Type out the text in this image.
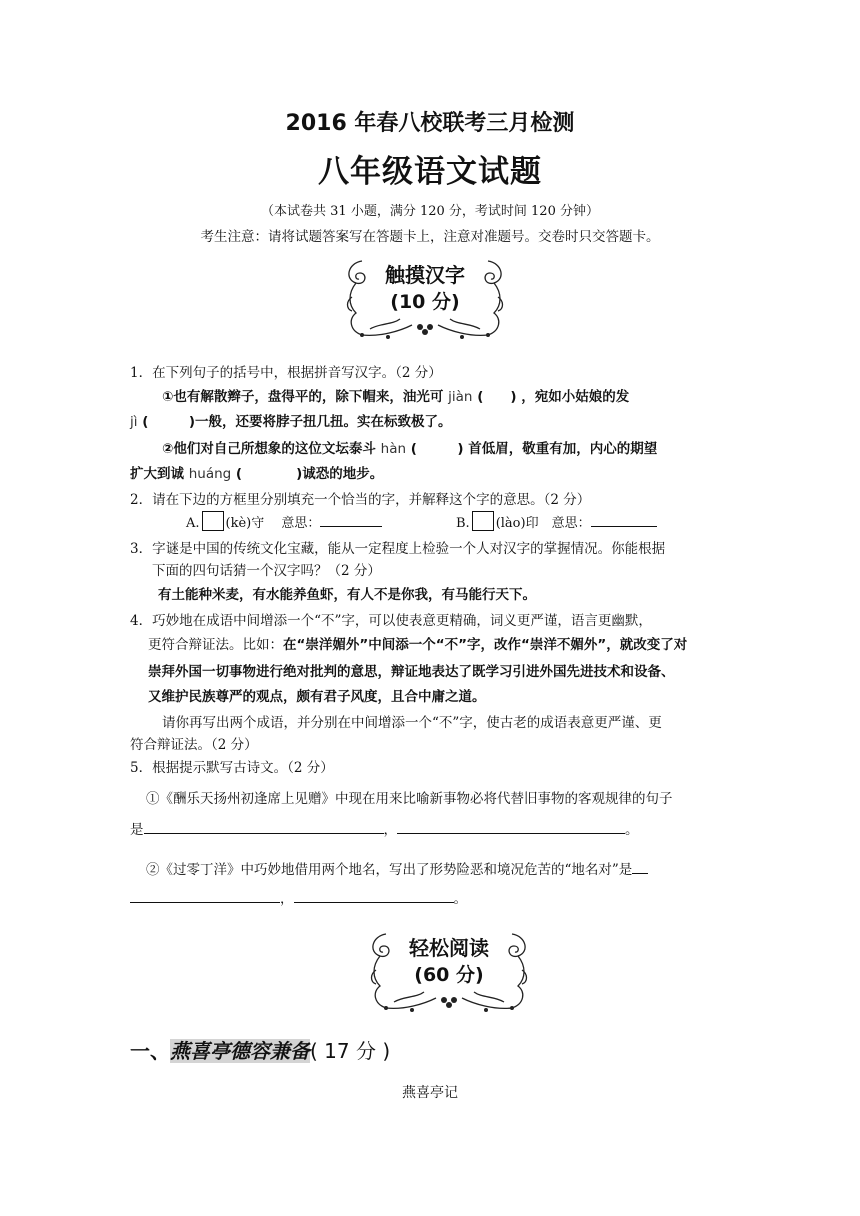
2016 年春八校联考三月检测
八年级语文试题
（本试卷共 31 小题，满分 120 分，考试时间 120 分钟）
考生注意：请将试题答案写在答题卡上，注意对准题号。交卷时只交答题卡。
触摸汉字
(10 分)
1．在下列句子的括号中，根据拼音写汉字。（2 分）
①也有解散辫子，盘得平的，除下帽来，油光可 jiàn (　　) ，宛如小姑娘的发
jì (　　　)一般，还要将脖子扭几扭。实在标致极了。
②他们对自己所想象的这位文坛泰斗 hàn (　　　) 首低眉，敬重有加，内心的期望
扩大到诚 huáng (　　　　)诚恐的地步。
2．请在下边的方框里分别填充一个恰当的字，并解释这个字的意思。（2 分）
A. (kè)守　 意思：	B. (lào)印　意思：
3．字谜是中国的传统文化宝藏，能从一定程度上检验一个人对汉字的掌握情况。你能根据
下面的四句话猜一个汉字吗？（2 分）
有土能种米麦，有水能养鱼虾，有人不是你我，有马能行天下。
4．巧妙地在成语中间增添一个“不”字，可以使表意更精确，词义更严谨，语言更幽默，
更符合辩证法。比如：在“崇洋媚外”中间添一个“不”字，改作“崇洋不媚外”，就改变了对
崇拜外国一切事物进行绝对批判的意思，辩证地表达了既学习引进外国先进技术和设备、
又维护民族尊严的观点，颇有君子风度，且合中庸之道。
请你再写出两个成语，并分别在中间增添一个“不”字，使古老的成语表意更严谨、更
符合辩证法。（2 分）
5．根据提示默写古诗文。（2 分）
①《酬乐天扬州初逢席上见赠》中现在用来比喻新事物必将代替旧事物的客观规律的句子
是	，	。
②《过零丁洋》中巧妙地借用两个地名，写出了形势险恶和境况危苦的“地名对”是
，	。
轻松阅读
(60 分)
一、燕喜亭德容兼备( 17 分 )
燕喜亭记
